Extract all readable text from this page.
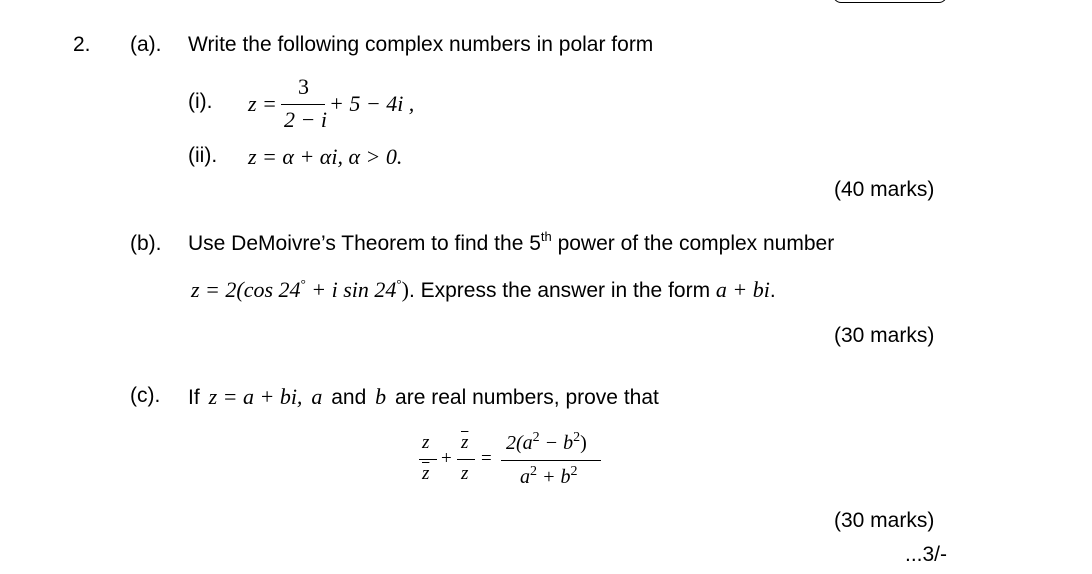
2. (a). Write the following complex numbers in polar form
(i). z =
3
2 − i
+ 5 − 4i ,
(ii). z = α + αi, α > 0.
(40 marks)
(b). Use DeMoivre’s Theorem to find the 5th power of the complex number
z = 2(cos 24° + i sin 24°). Express the answer in the form a + bi.
(30 marks)
(c). If z = a + bi, a and b are real numbers, prove that
z
$\overline{z}$
+
$\overline{z}$
z
=
$2(a^2 - b^2)$
$a^2 + b^2$
(30 marks)
...3/-
